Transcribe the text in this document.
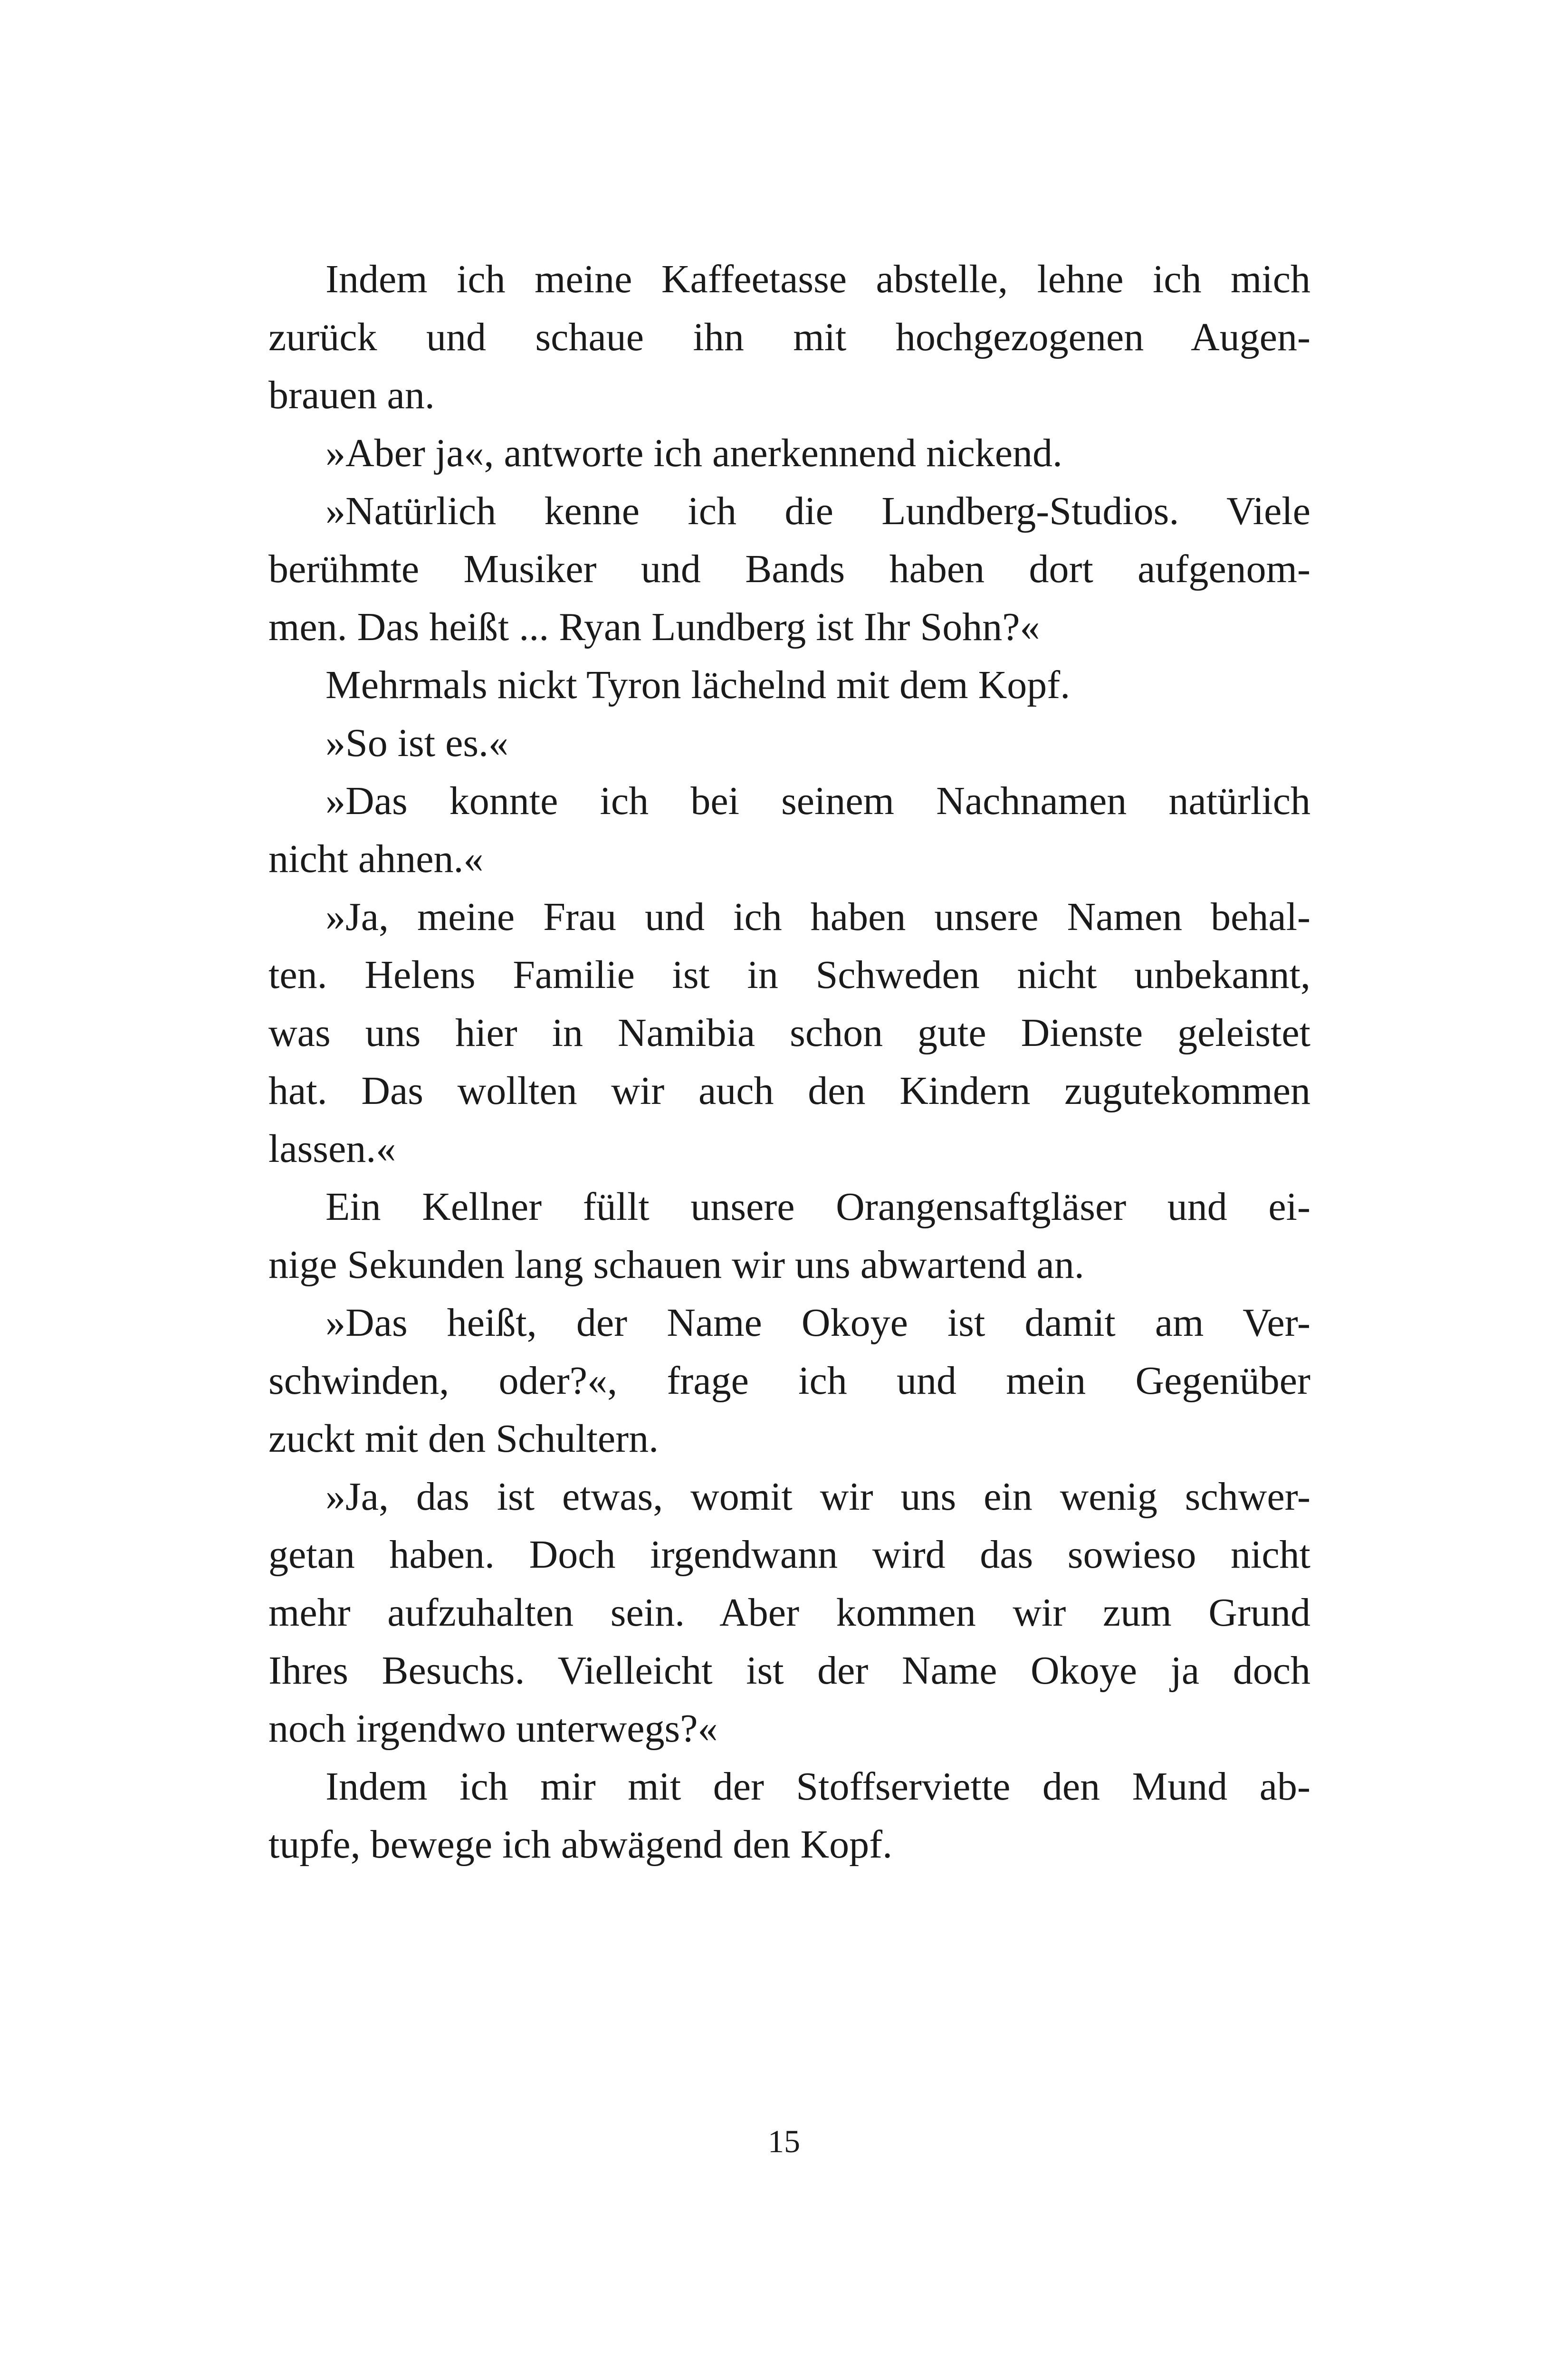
Indem ich meine Kaffeetasse abstelle, lehne ich mich
zurück und schaue ihn mit hochgezogenen Augen-
brauen an.
»Aber ja«, antworte ich anerkennend nickend.
»Natürlich kenne ich die Lundberg-Studios. Viele
berühmte Musiker und Bands haben dort aufgenom-
men. Das heißt ... Ryan Lundberg ist Ihr Sohn?«
Mehrmals nickt Tyron lächelnd mit dem Kopf.
»So ist es.«
»Das konnte ich bei seinem Nachnamen natürlich
nicht ahnen.«
»Ja, meine Frau und ich haben unsere Namen behal-
ten. Helens Familie ist in Schweden nicht unbekannt,
was uns hier in Namibia schon gute Dienste geleistet
hat. Das wollten wir auch den Kindern zugutekommen
lassen.«
Ein Kellner füllt unsere Orangensaftgläser und ei-
nige Sekunden lang schauen wir uns abwartend an.
»Das heißt, der Name Okoye ist damit am Ver-
schwinden, oder?«, frage ich und mein Gegenüber
zuckt mit den Schultern.
»Ja, das ist etwas, womit wir uns ein wenig schwer-
getan haben. Doch irgendwann wird das sowieso nicht
mehr aufzuhalten sein. Aber kommen wir zum Grund
Ihres Besuchs. Vielleicht ist der Name Okoye ja doch
noch irgendwo unterwegs?«
Indem ich mir mit der Stoffserviette den Mund ab-
tupfe, bewege ich abwägend den Kopf.
15
